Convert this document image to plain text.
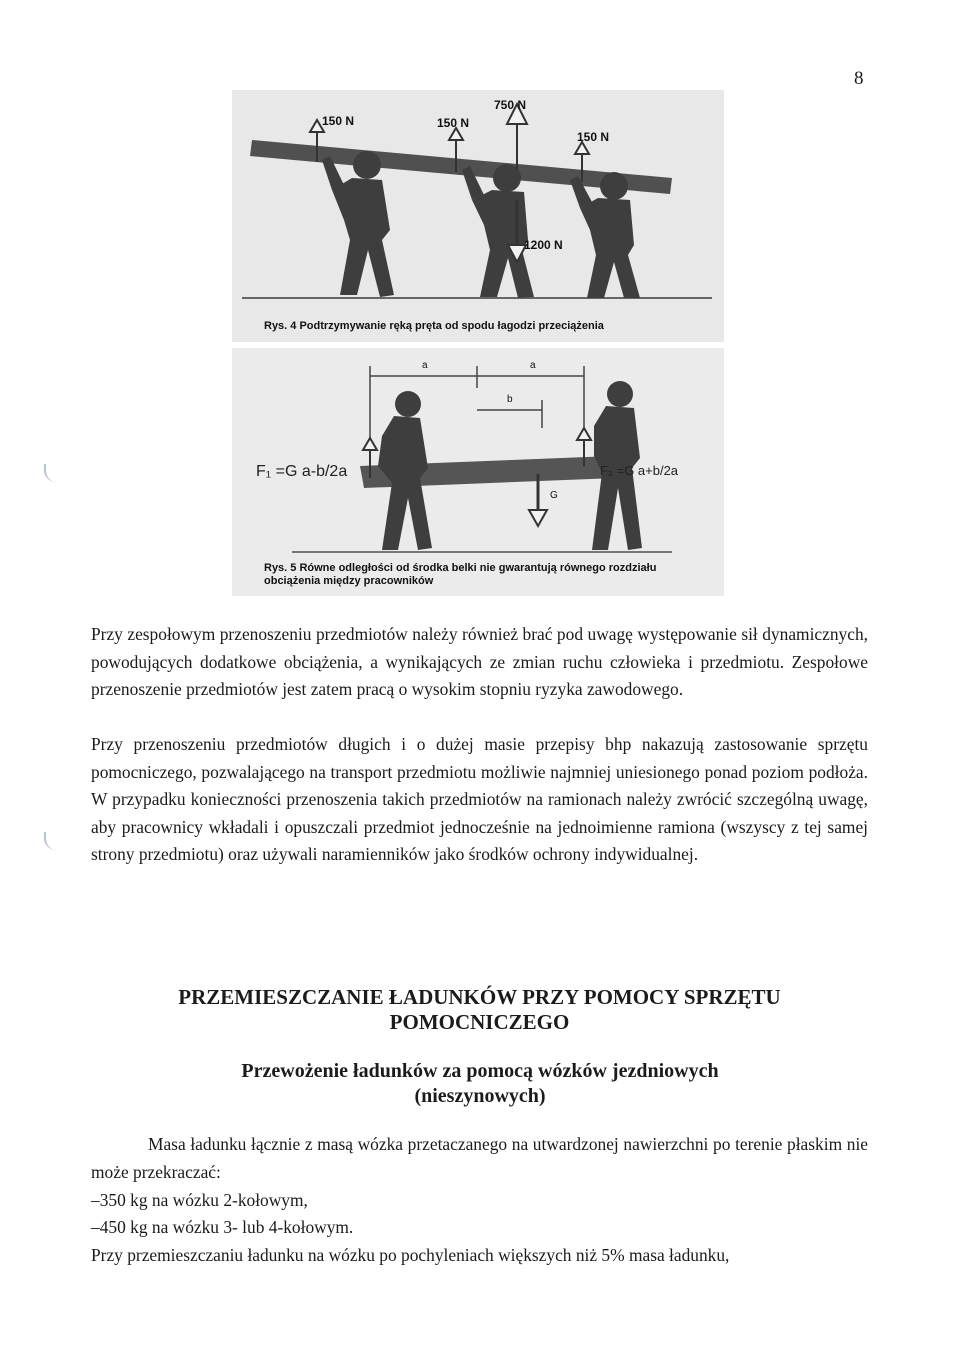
8
750 N
150 N	150 N
150 N
1200 N
Rys. 4 Podtrzymywanie ręką pręta od spodu łagodzi przeciążenia
a	a
b
G
F₁ =G a-b/2a	F₂ =G a+b/2a
Rys. 5 Równe odległości od środka belki nie gwarantują równego rozdziału obciążenia między pracowników

Przy zespołowym przenoszeniu przedmiotów należy również brać pod uwagę występowanie sił dynamicznych, powodujących dodatkowe obciążenia, a wynikających ze zmian ruchu człowieka i przedmiotu. Zespołowe przenoszenie przedmiotów jest zatem pracą o wysokim stopniu ryzyka zawodowego.

Przy przenoszeniu przedmiotów długich i o dużej masie przepisy bhp nakazują zastosowanie sprzętu pomocniczego, pozwalającego na transport przedmiotu możliwie najmniej uniesionego ponad poziom podłoża. W przypadku konieczności przenoszenia takich przedmiotów na ramionach należy zwrócić szczególną uwagę, aby pracownicy wkładali i opuszczali przedmiot jednocześnie na jednoimienne ramiona (wszyscy z tej samej strony przedmiotu) oraz używali naramienników jako środków ochrony indywidualnej.

PRZEMIESZCZANIE ŁADUNKÓW PRZY POMOCY SPRZĘTU POMOCNICZEGO
Przewożenie ładunków za pomocą wózków jezdniowych (nieszynowych)

Masa ładunku łącznie z masą wózka przetaczanego na utwardzonej nawierzchni po terenie płaskim nie może przekraczać:

–350 kg na wózku 2-kołowym,
–450 kg na wózku 3- lub 4-kołowym.
Przy przemieszczaniu ładunku na wózku po pochyleniach większych niż 5% masa ładunku,
